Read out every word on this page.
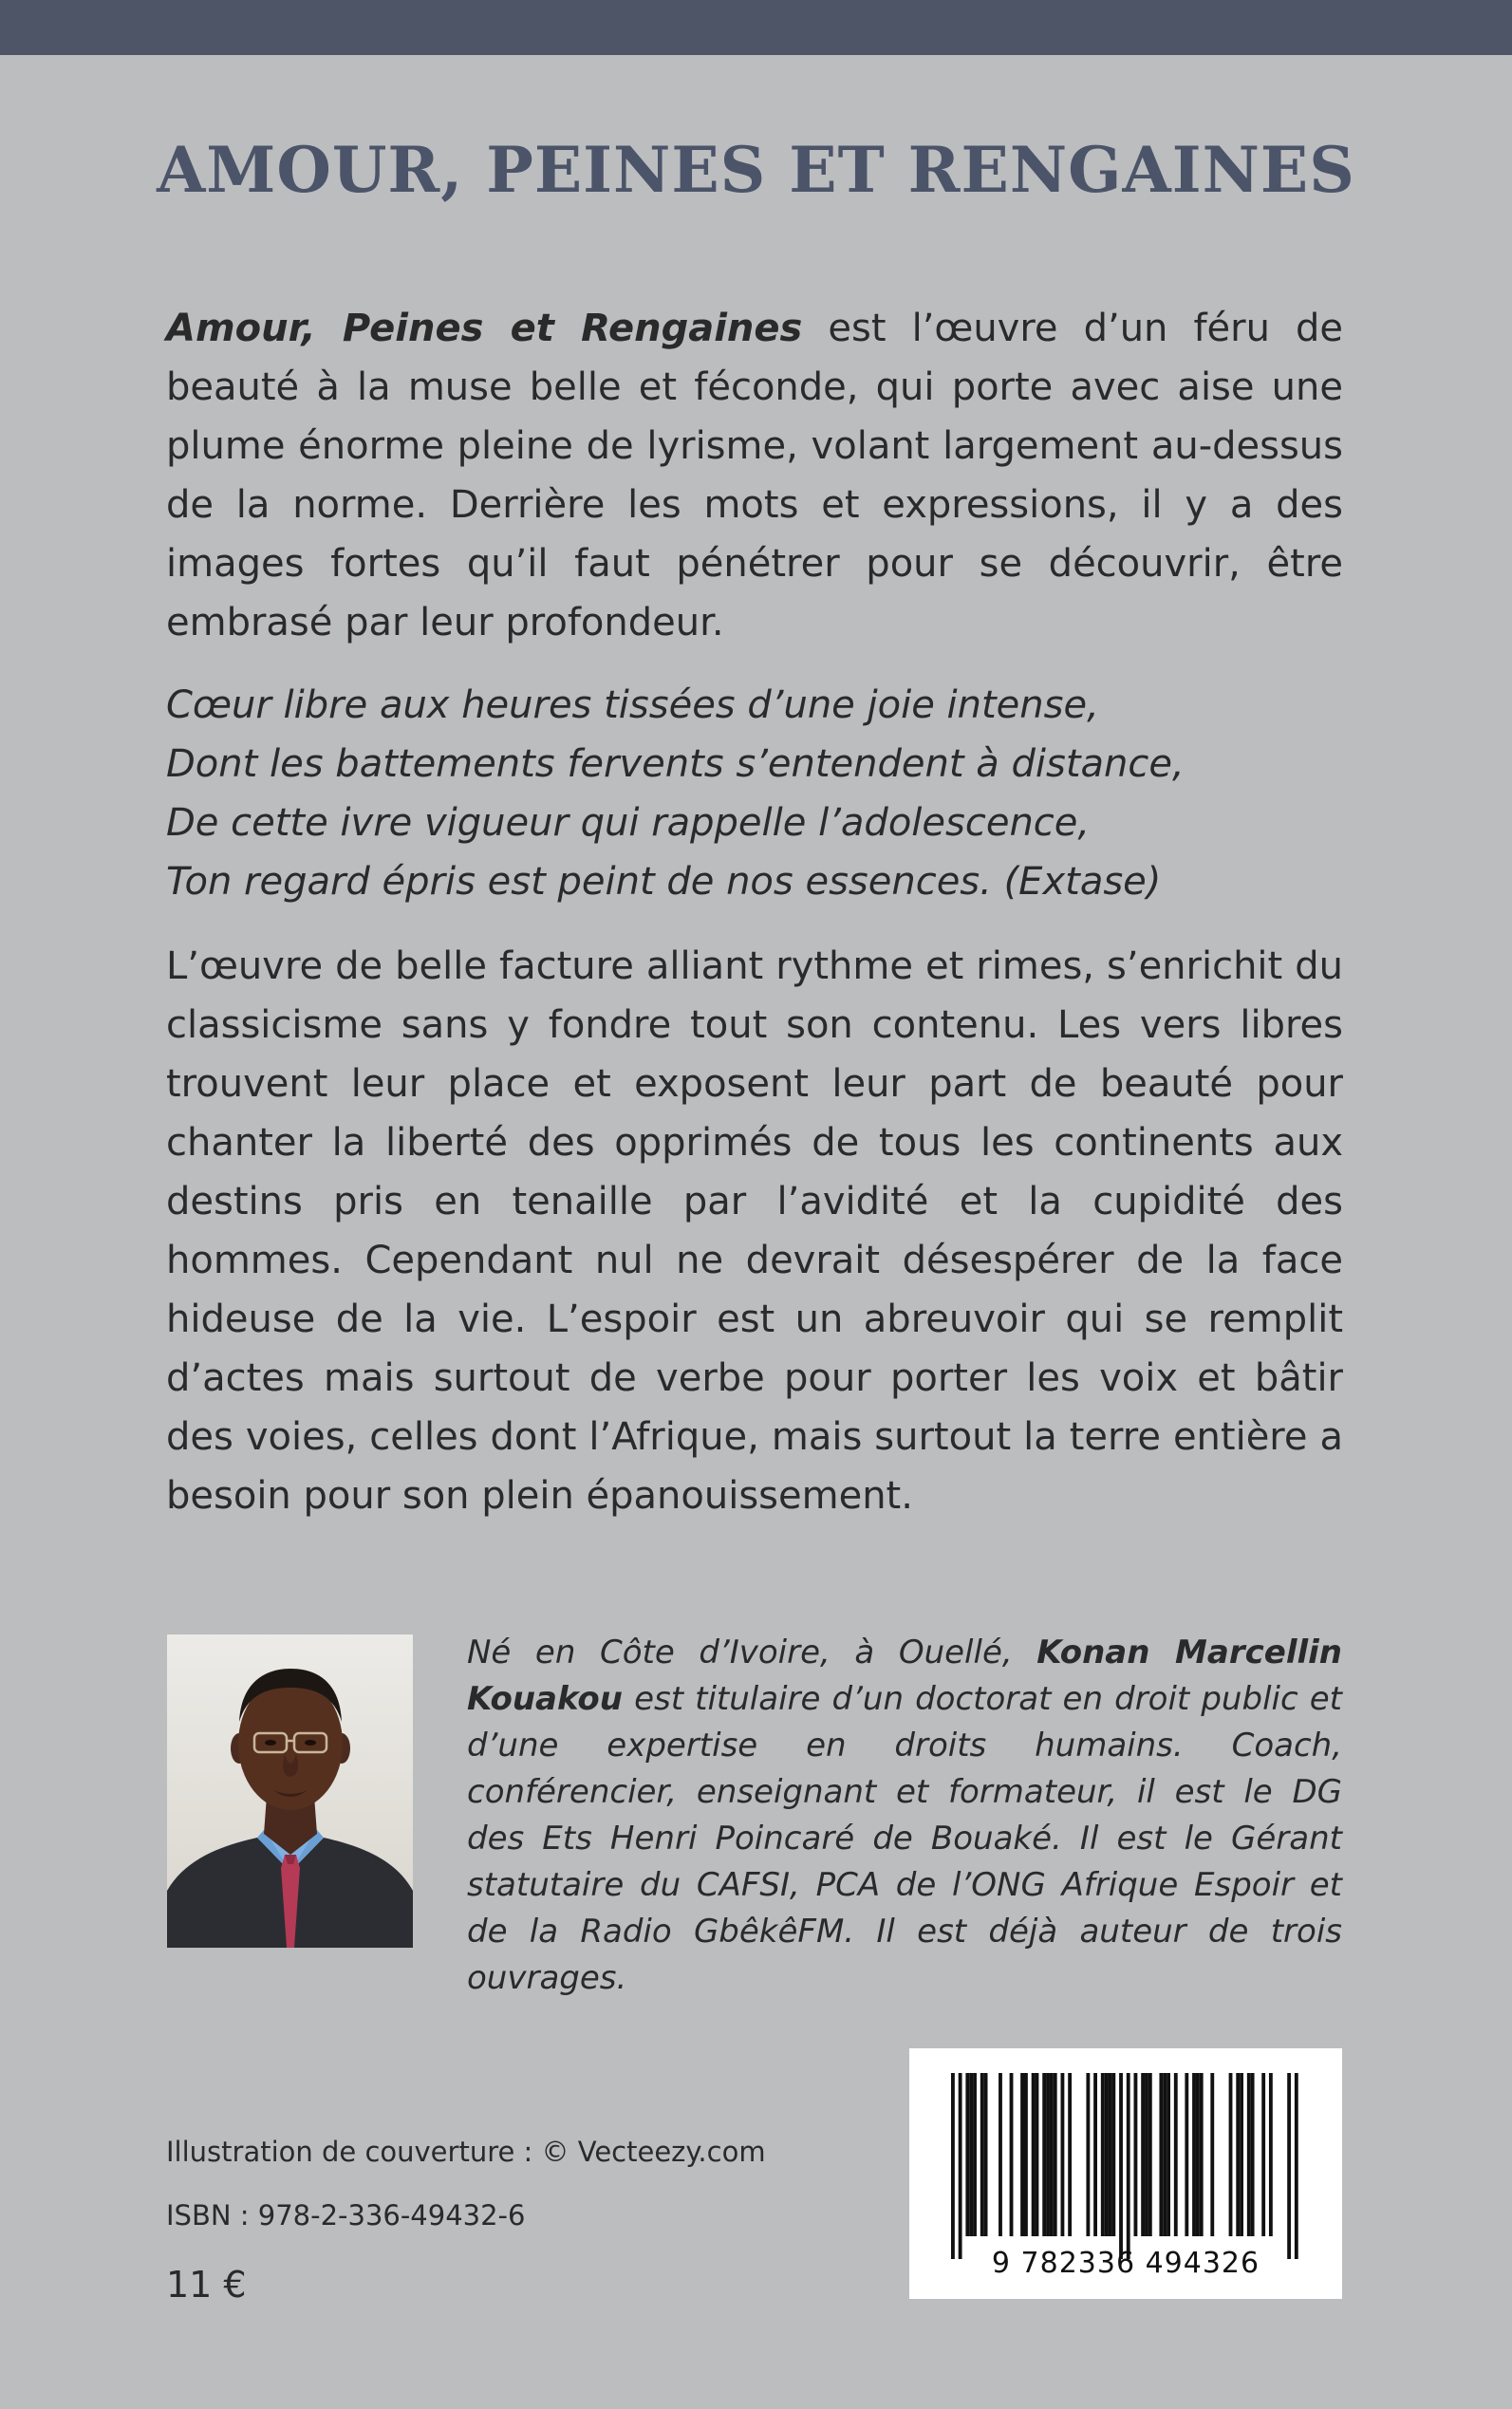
AMOUR, PEINES ET RENGAINES

Amour, Peines et Rengaines est l’œuvre d’un féru de beauté à la muse belle et féconde, qui porte avec aise une plume énorme pleine de lyrisme, volant largement au-dessus de la norme. Derrière les mots et expressions, il y a des images fortes qu’il faut pénétrer pour se découvrir, être embrasé par leur profondeur.

Cœur libre aux heures tissées d’une joie intense,
Dont les battements fervents s’entendent à distance,
De cette ivre vigueur qui rappelle l’adolescence,
Ton regard épris est peint de nos essences. (Extase)

L’œuvre de belle facture alliant rythme et rimes, s’enrichit du classicisme sans y fondre tout son contenu. Les vers libres trouvent leur place et exposent leur part de beauté pour chanter la liberté des opprimés de tous les continents aux destins pris en tenaille par l’avidité et la cupidité des hommes. Cependant nul ne devrait désespérer de la face hideuse de la vie. L’espoir est un abreuvoir qui se remplit d’actes mais surtout de verbe pour porter les voix et bâtir des voies, celles dont l’Afrique, mais surtout la terre entière a besoin pour son plein épanouissement.

Né en Côte d’Ivoire, à Ouellé, Konan Marcellin Kouakou est titulaire d’un doctorat en droit public et d’une expertise en droits humains. Coach, conférencier, enseignant et formateur, il est le DG des Ets Henri Poincaré de Bouaké. Il est le Gérant statutaire du CAFSI, PCA de l’ONG Afrique Espoir et de la Radio GbêkêFM. Il est déjà auteur de trois ouvrages.

Illustration de couverture : © Vecteezy.com

ISBN : 978-2-336-49432-6

11 €

9 782336 494326
